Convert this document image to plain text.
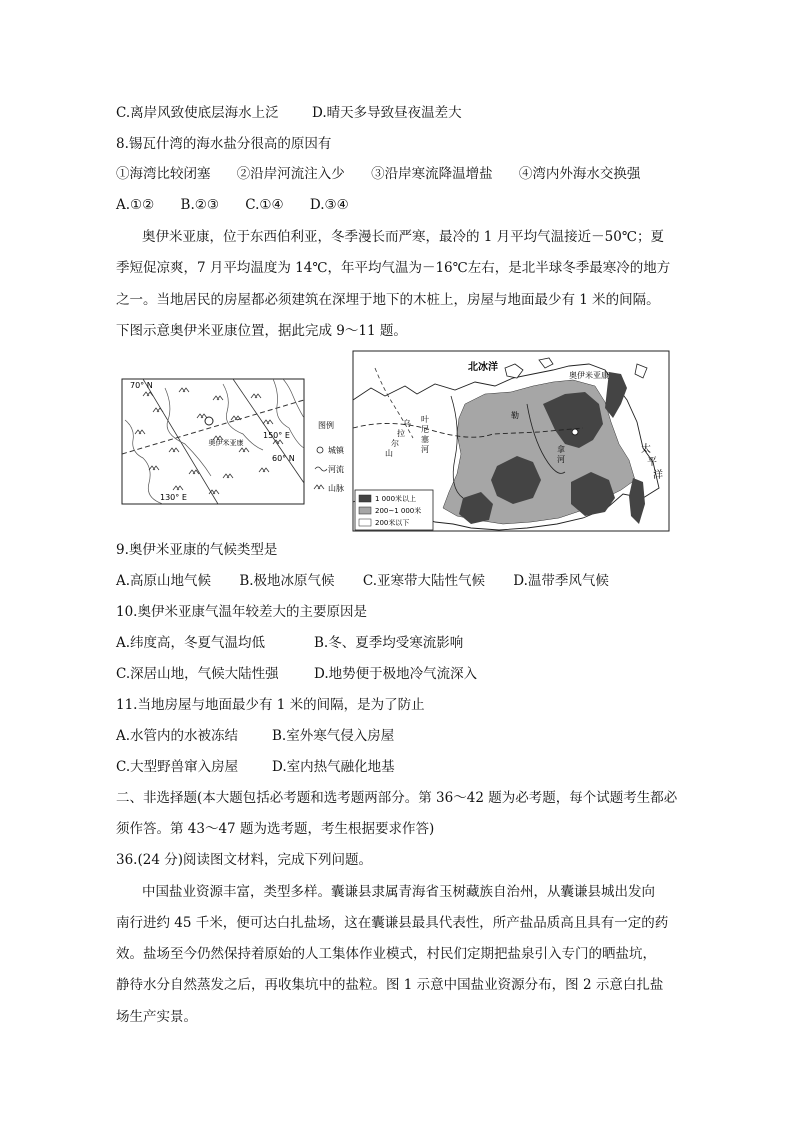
C.离岸风致使底层海水上泛 D.晴天多导致昼夜温差大
8.锡瓦什湾的海水盐分很高的原因有
①海湾比较闭塞 ②沿岸河流注入少 ③沿岸寒流降温增盐 ④湾内外海水交换强
A.①② B.②③ C.①④ D.③④
奥伊米亚康，位于东西伯利亚，冬季漫长而严寒，最冷的 1 月平均气温接近－50℃；夏
季短促凉爽，7 月平均温度为 14℃，年平均气温为－16℃左右，是北半球冬季最寒冷的地方
之一。当地居民的房屋都必须建筑在深埋于地下的木桩上，房屋与地面最少有 1 米的间隔。
下图示意奥伊米亚康位置，据此完成 9～11 题。
奥伊米亚康
70° N
150° E
60° N
130° E
图例
城镇
河流
山脉
奥伊米亚康
北冰洋
太
平
洋
叶
尼
塞
河
乌
拉
尔
山
勒
拿
河
1 000米以上
200~1 000米
200米以下
9.奥伊米亚康的气候类型是
A.高原山地气候 B.极地冰原气候 C.亚寒带大陆性气候 D.温带季风气候
10.奥伊米亚康气温年较差大的主要原因是
A.纬度高，冬夏气温均低	B.冬、夏季均受寒流影响
C.深居山地，气候大陆性强	D.地势便于极地冷气流深入
11.当地房屋与地面最少有 1 米的间隔，是为了防止
A.水管内的水被冻结	B.室外寒气侵入房屋
C.大型野兽窜入房屋	D.室内热气融化地基
二、非选择题(本大题包括必考题和选考题两部分。第 36～42 题为必考题，每个试题考生都必
须作答。第 43～47 题为选考题，考生根据要求作答)
36.(24 分)阅读图文材料，完成下列问题。
中国盐业资源丰富，类型多样。囊谦县隶属青海省玉树藏族自治州，从囊谦县城出发向
南行进约 45 千米，便可达白扎盐场，这在囊谦县最具代表性，所产盐品质高且具有一定的药
效。盐场至今仍然保持着原始的人工集体作业模式，村民们定期把盐泉引入专门的晒盐坑，
静待水分自然蒸发之后，再收集坑中的盐粒。图 1 示意中国盐业资源分布，图 2 示意白扎盐
场生产实景。
